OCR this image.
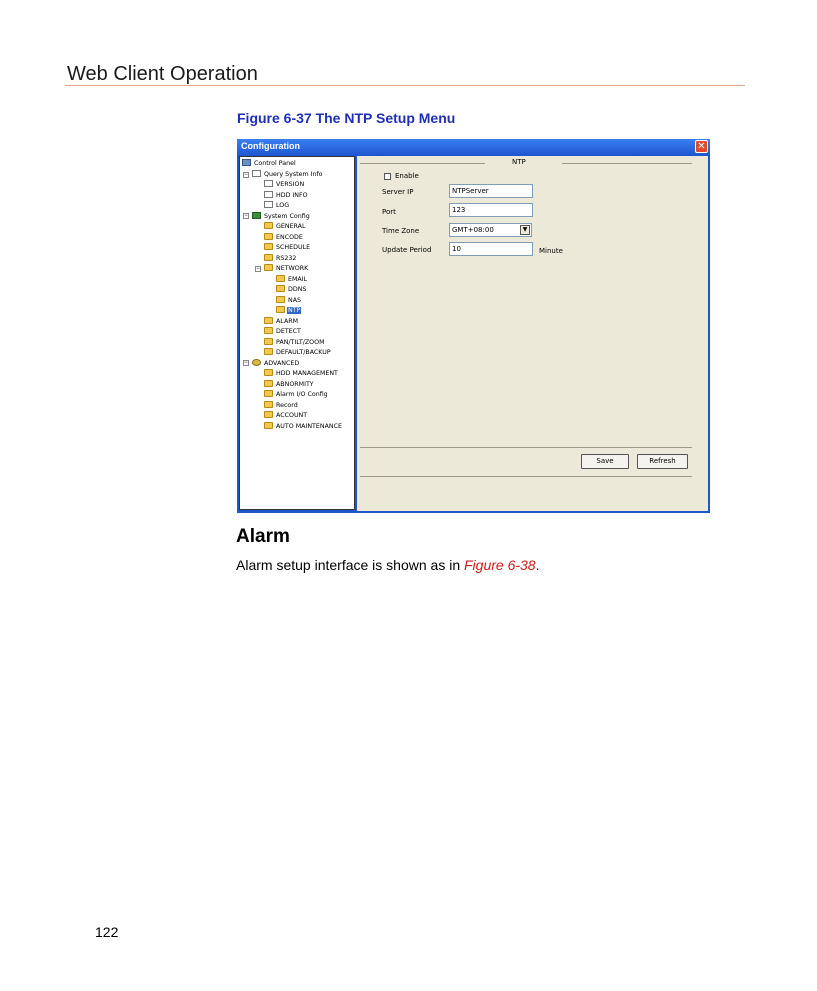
Web Client Operation
Figure 6-37 The NTP Setup Menu
Configuration	✕
−
−
−
−
Control Panel
Query System Info
VERSION
HDD INFO
LOG
System Config
GENERAL
ENCODE
SCHEDULE
RS232
NETWORK
EMAIL
DDNS
NAS
NTP
ALARM
DETECT
PAN/TILT/ZOOM
DEFAULT/BACKUP
ADVANCED
HDD MANAGEMENT
ABNORMITY
Alarm I/O Config
Record
ACCOUNT
AUTO MAINTENANCE
NTP
Enable
Server IP	NTPServer
Port	123
Time Zone	GMT+08:00	▼
Update Period	10	Minute
Save	Refresh
Alarm
Alarm setup interface is shown as in Figure 6-38.
122
